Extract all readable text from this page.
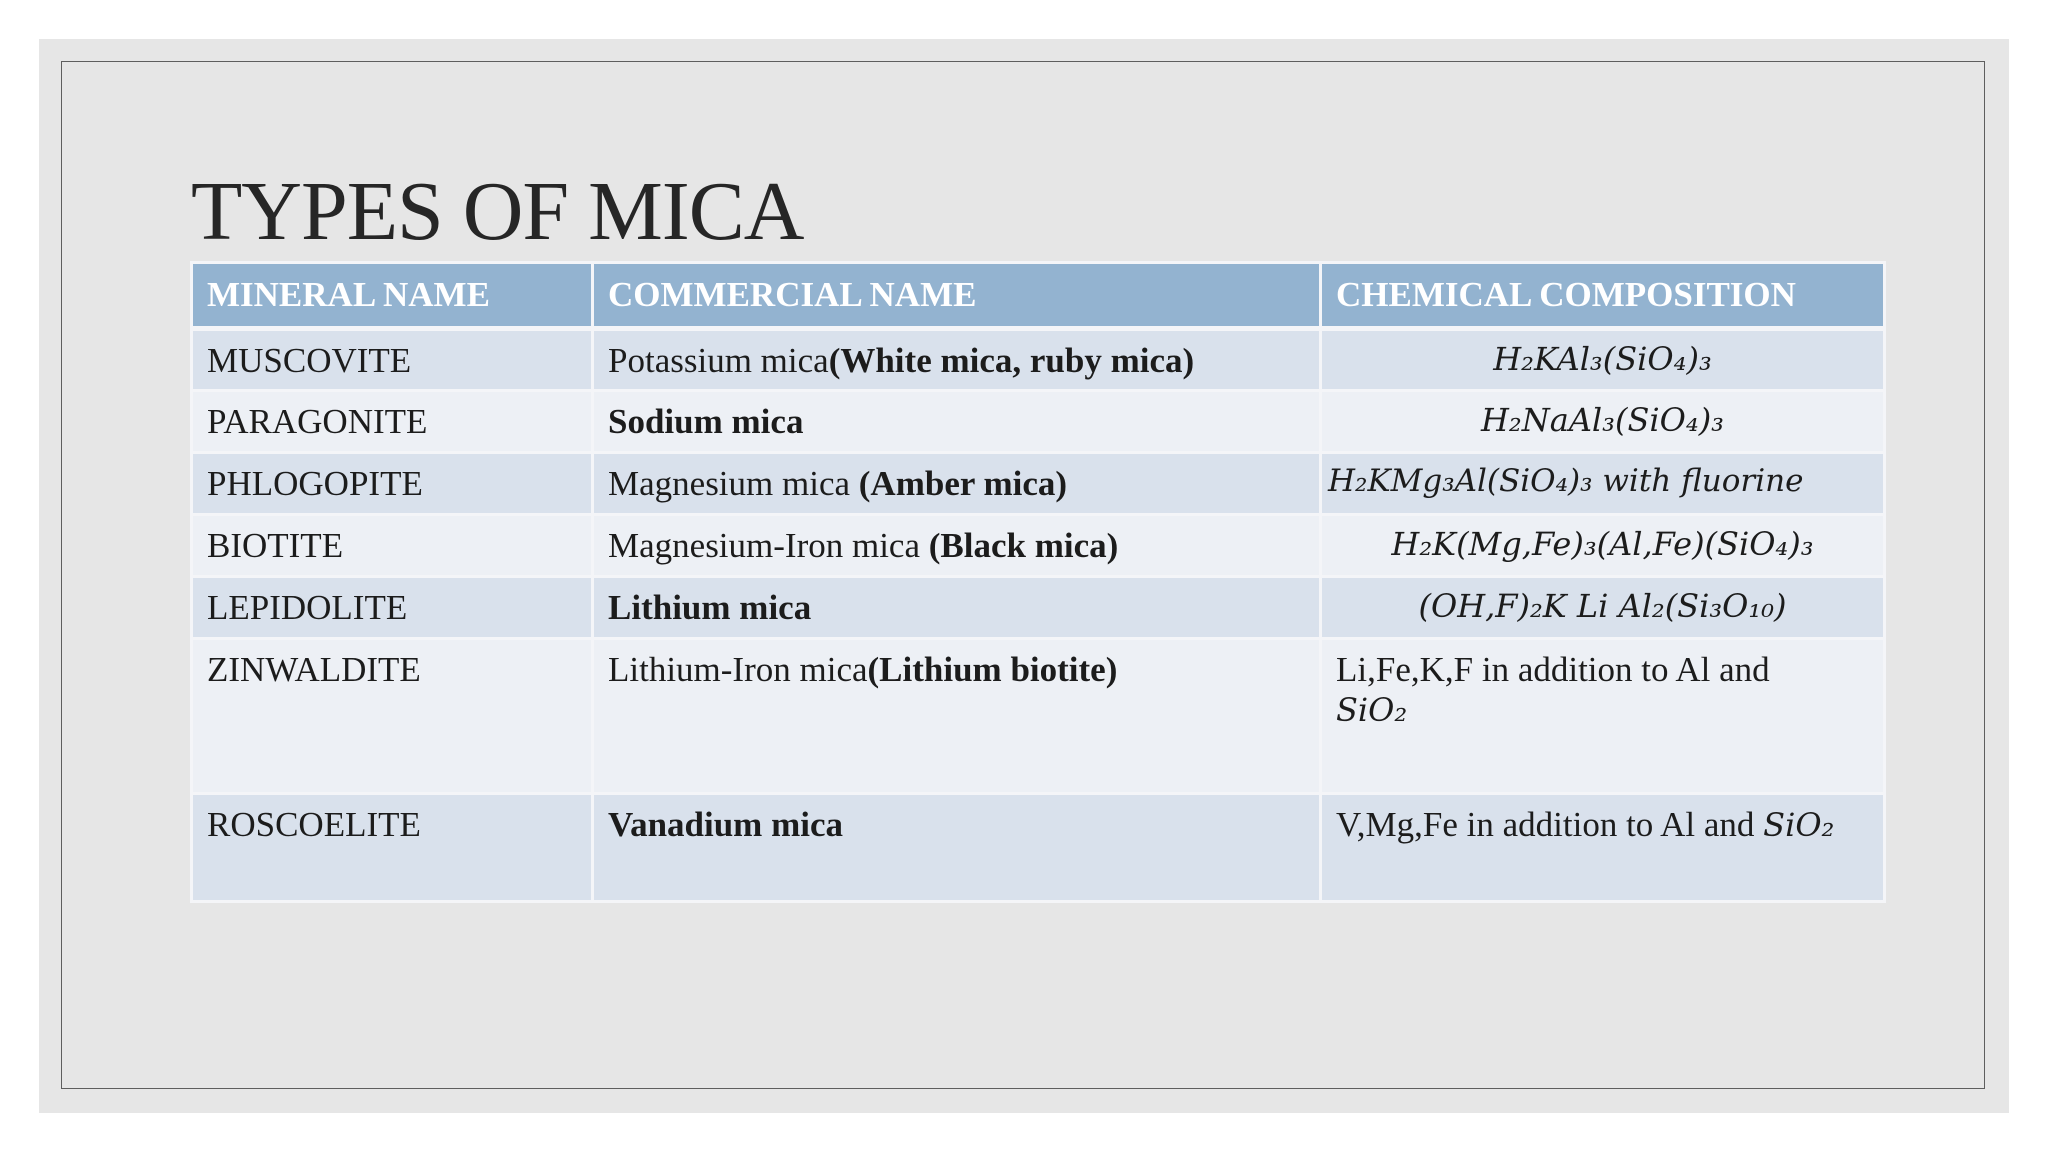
TYPES OF MICA
MINERAL NAME	COMMERCIAL NAME	CHEMICAL COMPOSITION
MUSCOVITE	Potassium mica(White mica, ruby mica)	H₂KAl₃(SiO₄)₃

PARAGONITE	Sodium mica	H₂NaAl₃(SiO₄)₃

PHLOGOPITE	Magnesium mica (Amber mica)	H₂KMg₃Al(SiO₄)₃ with fluorine

BIOTITE	Magnesium-Iron mica (Black mica)	H₂K(Mg,Fe)₃(Al,Fe)(SiO₄)₃

LEPIDOLITE	Lithium mica	(OH,F)₂K Li Al₂(Si₃O₁₀)

ZINWALDITE	Lithium-Iron mica(Lithium biotite)	Li,Fe,K,F in addition to Al and
SiO₂
ROSCOELITE	Vanadium mica	V,Mg,Fe in addition to Al and SiO₂
